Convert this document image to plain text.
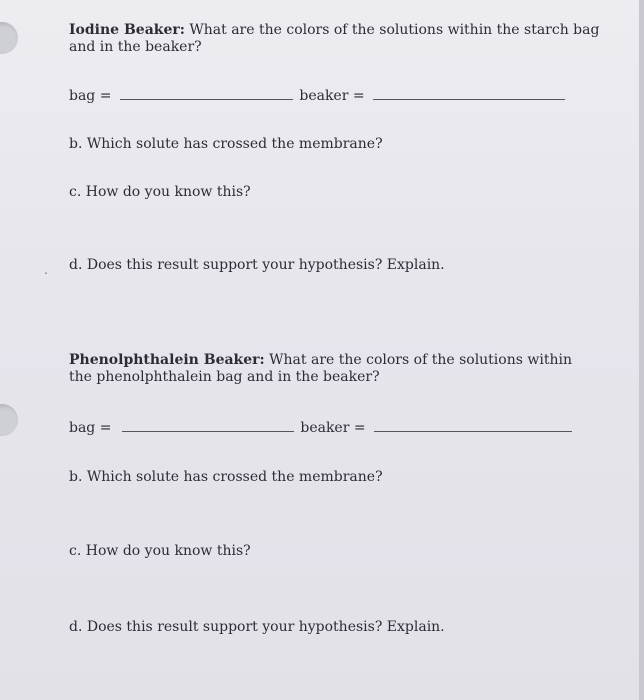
Iodine Beaker: What are the colors of the solutions within the starch bag and in the beaker?
bag =	beaker =
b. Which solute has crossed the membrane?
c. How do you know this?
. d. Does this result support your hypothesis? Explain.
Phenolphthalein Beaker: What are the colors of the solutions within the phenolphthalein bag and in the beaker?
bag =	beaker =
b. Which solute has crossed the membrane?
c. How do you know this?
d. Does this result support your hypothesis? Explain.
